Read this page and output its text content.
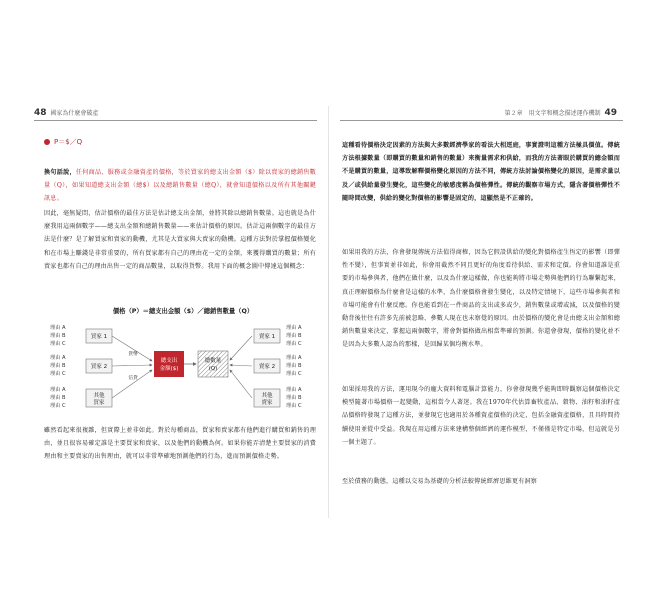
48 國家為什麼會破產	第２章　用文字和概念描述運作機制 49
P＝$／Q
換句話說，任何商品、服務或金融資產的價格，等於買家的總支出金額（$）除以賣家的總銷售數量（Q），如果知道總支出金額（總$）以及總銷售數量（總Q），就會知道價格以及所有其他關鍵訊息。
因此，毫無疑問，估計價格的最佳方法是估計總支出金額，並將其除以總銷售數量。這也就是為什麼我用這兩個數字——總支出金額和總銷售數量——來估計價格的原因。估計這兩個數字的最佳方法是什麼？是了解買家和賣家的動機，尤其是大買家與大賣家的動機。這種方法對於掌握價格變化和在市場上賺錢是非常重要的，所有買家都有自己的理由花一定的金額，來獲得購買的數量；所有賣家也都有自己的理由出售一定的商品數量，以取得貨幣。我用下面的概念圖中傳達這個概念：
價格（P）＝總支出金額（$）／總銷售數量（Q）
理由 A
理由 B
理由 C
買家 1
理由 A
理由 B
理由 C
買家 2
理由 A
理由 B
理由 C
其他
買家
貨幣
信貸
總支出
金額($)
總數量
(Q)
賣家 1
理由 A
理由 B
理由 C
賣家 2
理由 A
理由 B
理由 C
其他
賣家
理由 A
理由 B
理由 C
雖然看起來很複雜，但實際上並非如此。對於每種商品，買家和賣家都有他們進行購買和銷售的理由，並且很容易確定誰是主要買家和賣家，以及他們的動機為何。如果你能弄清楚主要買家的消費理由和主要賣家的出售理由，就可以非常準確地預測他們的行為，進而預測價格走勢。
這種看待價格決定因素的方法與大多數經濟學家的看法大相逕庭，事實證明這種方法極具價值。傳統方法根據數量（即購買的數量和銷售的數量）來衡量需求和供給，而我的方法著眼於購買的總金額而不是購買的數量，這導致解釋價格變化原因的方法不同，傳統方法討論價格變化的原因，是需求量以及／或供給量發生變化，這些變化的敏感度稱為價格彈性。傳統的觀察市場方式，隱含著價格彈性不隨時間改變，供給的變化對價格的影響是固定的，這顯然是不正確的。
如果用我的方法，你會發現傳統方法值得商榷，因為它假設供給的變化對價格產生恆定的影響（即彈性不變），但事實並非如此，你會用截然不同且更好的角度看待供給、需求和定價。你會知道誰是重要的市場參與者，他們在做什麼，以及為什麼這樣做，你也能夠將市場走勢與他們的行為聯繫起來，真正理解價格為什麼會是這樣的水準，為什麼價格會發生變化，以及特定情境下，這些市場參與者和市場可能會有什麼反應。你也能看到在一件商品的支出或多或少，銷售數量或增或減，以及價格的變動背後往往有許多先前被忽略、參數人現在也未察覺的原因。由於價格的變化會是由總支出金額和總銷售數量來決定，掌握這兩個數字，將會對價格做出相當準確的預測。你還會發現，價格的變化並不是因為大多數人認為的那樣，是回歸某個均衡水準。
如果採用我的方法，運用現今的龐大資料和電腦計算能力，你會發現幾乎能夠即時觀察這個價格決定模型隨著市場價格一起變動，這相當令人著迷。我在1970年代估算畜牧產品、穀物、油籽和油籽產品價格時發現了這種方法，並發現它也適用於各種資產價格的決定，包括金融資產價格，且具時間持續使用並從中受益。我現在用這種方法來建構整個經濟的運作模型，不僅僅是特定市場，但這就是另一個主題了。
至於債務的動態，這種以交易為基礎的分析法較傳統經濟思維更有洞察
